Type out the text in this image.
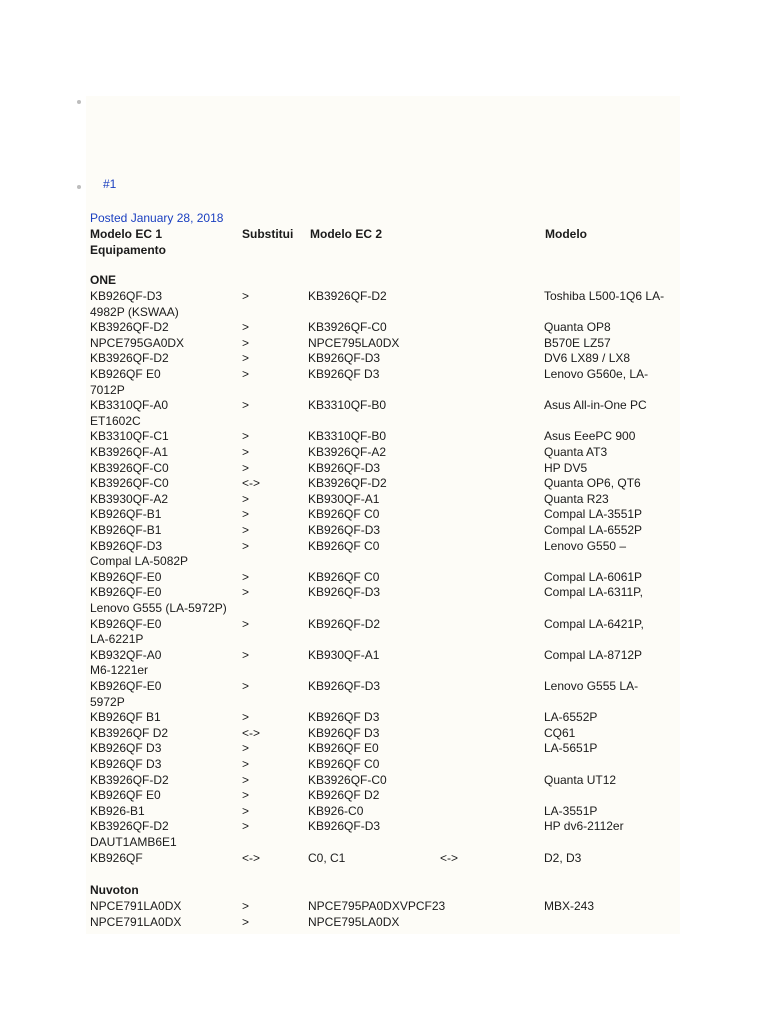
#1
Posted January 28, 2018
Modelo EC 1	Substitui Modelo EC 2	Modelo
Equipamento
ONE
KB926QF-D3	>	KB3926QF-D2	Toshiba L500-1Q6 LA-
4982P (KSWAA)
KB3926QF-D2	>	KB3926QF-C0	Quanta OP8
NPCE795GA0DX	>	NPCE795LA0DX	B570E LZ57
KB3926QF-D2	>	KB926QF-D3	DV6 LX89 / LX8
KB926QF E0	>	KB926QF D3	Lenovo G560e, LA-
7012P
KB3310QF-A0	>	KB3310QF-B0	Asus All-in-One PC
ET1602C
KB3310QF-C1	>	KB3310QF-B0	Asus EeePC 900
KB3926QF-A1	>	KB3926QF-A2	Quanta AT3
KB3926QF-C0	>	KB926QF-D3	HP DV5
KB3926QF-C0	<->	KB3926QF-D2	Quanta OP6, QT6
KB3930QF-A2	>	KB930QF-A1	Quanta R23
KB926QF-B1	>	KB926QF C0	Compal LA-3551P
KB926QF-B1	>	KB926QF-D3	Compal LA-6552P
KB926QF-D3	>	KB926QF C0	Lenovo G550 –
Compal LA-5082P
KB926QF-E0	>	KB926QF C0	Compal LA-6061P
KB926QF-E0	>	KB926QF-D3	Compal LA-6311P,
Lenovo G555 (LA-5972P)
KB926QF-E0	>	KB926QF-D2	Compal LA-6421P,
LA-6221P
KB932QF-A0	>	KB930QF-A1	Compal LA-8712P
M6-1221er
KB926QF-E0	>	KB926QF-D3	Lenovo G555 LA-
5972P
KB926QF B1	>	KB926QF D3	LA-6552P
KB3926QF D2	<->	KB926QF D3	CQ61
KB926QF D3	>	KB926QF E0	LA-5651P
KB926QF D3	>	KB926QF C0
KB3926QF-D2	>	KB3926QF-C0	Quanta UT12
KB926QF E0	>	KB926QF D2
KB926-B1	>	KB926-C0	LA-3551P
KB3926QF-D2	>	KB926QF-D3	HP dv6-2112er
DAUT1AMB6E1
KB926QF	<->	C0, C1	<->	D2, D3
Nuvoton
NPCE791LA0DX	>	NPCE795PA0DXVPCF23	MBX-243
NPCE791LA0DX	>	NPCE795LA0DX
